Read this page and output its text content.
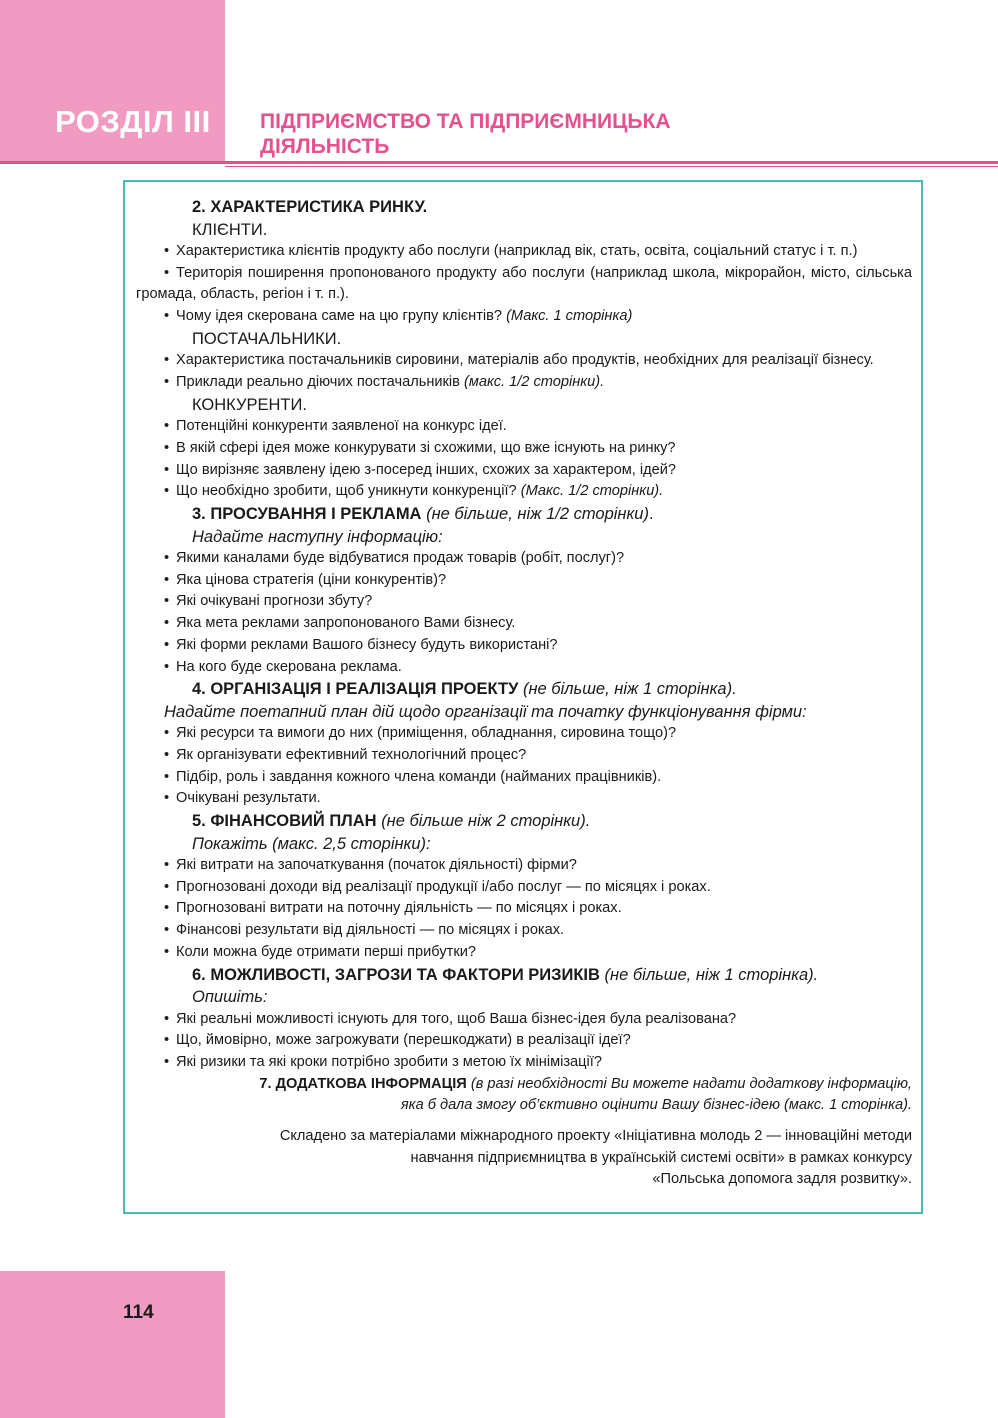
РОЗДІЛ ІІІ ПІДПРИЄМСТВО ТА ПІДПРИЄМНИЦЬКА
ДІЯЛЬНІСТЬ

2. ХАРАКТЕРИСТИКА РИНКУ.

КЛІЄНТИ.

• Характеристика клієнтів продукту або послуги (наприклад вік, стать, освіта, соціальний статус і т. п.)

• Територія поширення пропонованого продукту або послуги (наприклад школа, мікрорайон, місто, сільська громада, область, регіон і т. п.).

• Чому ідея скерована саме на цю групу клієнтів? (Макс. 1 сторінка)

ПОСТАЧАЛЬНИКИ.

• Характеристика постачальників сировини, матеріалів або продуктів, необхідних для реалізації бізнесу.

• Приклади реально діючих постачальників (макс. 1/2 сторінки).

КОНКУРЕНТИ.

• Потенційні конкуренти заявленої на конкурс ідеї.

• В якій сфері ідея може конкурувати зі схожими, що вже існують на ринку?

• Що вирізняє заявлену ідею з-посеред інших, схожих за характером, ідей?

• Що необхідно зробити, щоб уникнути конкуренції? (Макс. 1/2 сторінки).

3. ПРОСУВАННЯ І РЕКЛАМА (не більше, ніж 1/2 сторінки).

Надайте наступну інформацію:

• Якими каналами буде відбуватися продаж товарів (робіт, послуг)?

• Яка цінова стратегія (ціни конкурентів)?

• Які очікувані прогнози збуту?

• Яка мета реклами запропонованого Вами бізнесу.

• Які форми реклами Вашого бізнесу будуть використані?

• На кого буде скерована реклама.

4. ОРГАНІЗАЦІЯ І РЕАЛІЗАЦІЯ ПРОЕКТУ (не більше, ніж 1 сторінка).

Надайте поетапний план дій щодо організації та початку функціонування фірми:

• Які ресурси та вимоги до них (приміщення, обладнання, сировина тощо)?

• Як організувати ефективний технологічний процес?

• Підбір, роль і завдання кожного члена команди (найманих працівників).

• Очікувані результати.

5. ФІНАНСОВИЙ ПЛАН (не більше ніж 2 сторінки).

Покажіть (макс. 2,5 сторінки):

• Які витрати на започаткування (початок діяльності) фірми?

• Прогнозовані доходи від реалізації продукції і/або послуг — по місяцях і роках.

• Прогнозовані витрати на поточну діяльність — по місяцях і роках.

• Фінансові результати від діяльності — по місяцях і роках.

• Коли можна буде отримати перші прибутки?

6. МОЖЛИВОСТІ, ЗАГРОЗИ ТА ФАКТОРИ РИЗИКІВ (не більше, ніж 1 сторінка).

Опишіть:

• Які реальні можливості існують для того, щоб Ваша бізнес-ідея була реалізована?

• Що, ймовірно, може загрожувати (перешкоджати) в реалізації ідеї?

• Які ризики та які кроки потрібно зробити з метою їх мінімізації?

7. ДОДАТКОВА ІНФОРМАЦІЯ (в разі необхідності Ви можете надати додаткову інформацію,

яка б дала змогу об’єктивно оцінити Вашу бізнес-ідею (макс. 1 сторінка).

Складено за матеріалами міжнародного проекту «Ініціативна молодь 2 — інноваційні методи
навчання підприємництва в українській системі освіти» в рамках конкурсу
«Польська допомога задля розвитку».

114
